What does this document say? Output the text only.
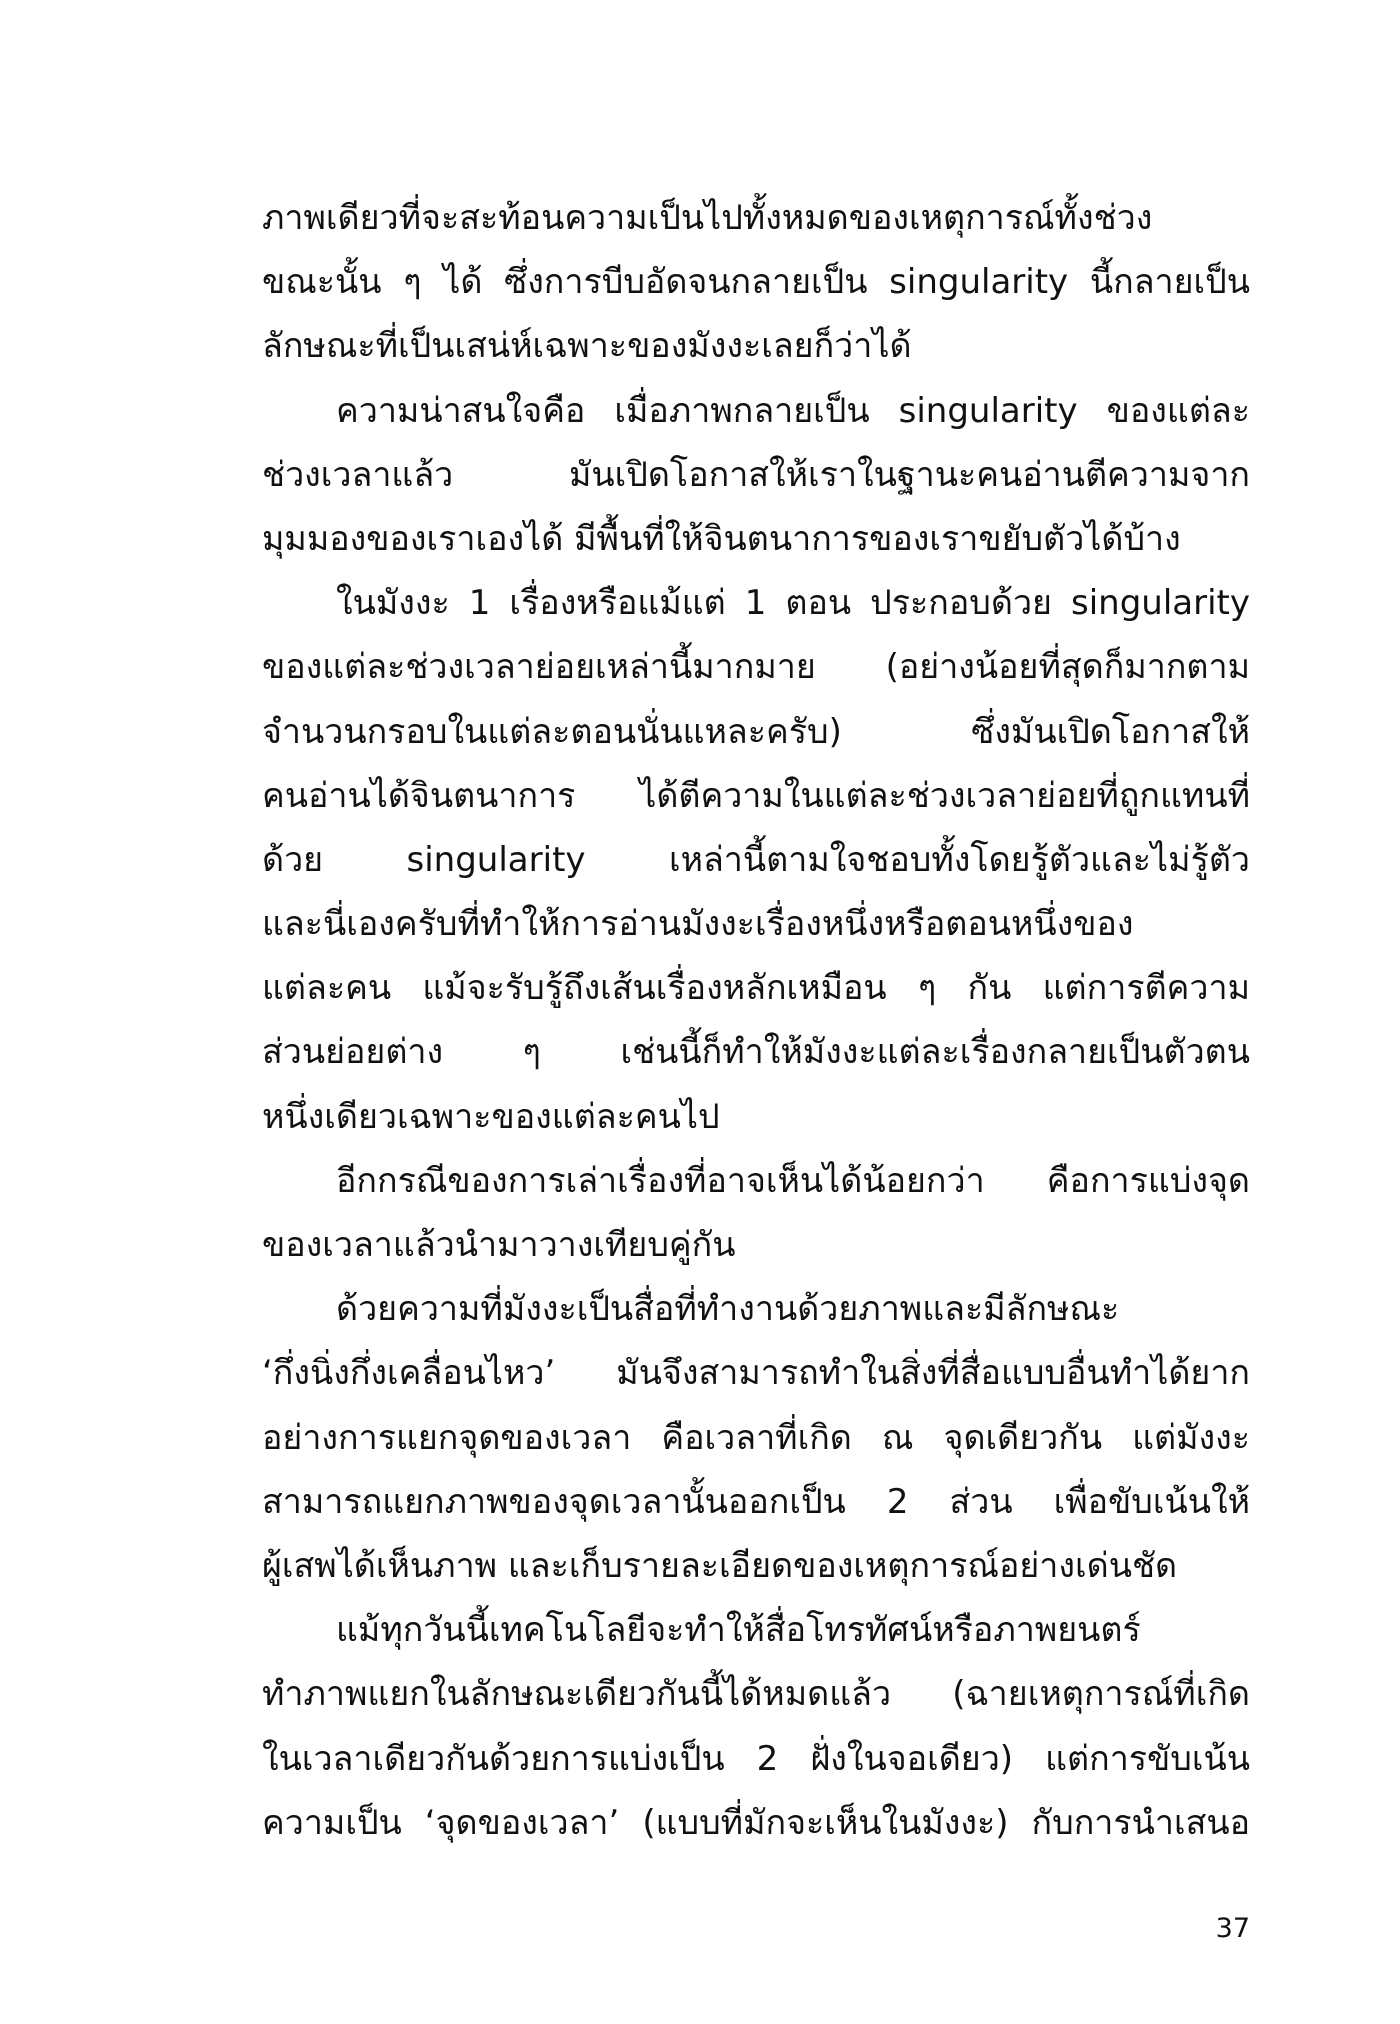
ภาพเดียวที่จะสะท้อนความเป็นไปทั้งหมดของเหตุการณ์ทั้งช่วง
ขณะนั้น ๆ ได้ ซึ่งการบีบอัดจนกลายเป็น singularity นี้กลายเป็น
ลักษณะที่เป็นเสน่ห์เฉพาะของมังงะเลยก็ว่าได้
ความน่าสนใจคือ เมื่อภาพกลายเป็น singularity ของแต่ละ
ช่วงเวลาแล้ว มันเปิดโอกาสให้เราในฐานะคนอ่านตีความจาก
มุมมองของเราเองได้ มีพื้นที่ให้จินตนาการของเราขยับตัวได้บ้าง
ในมังงะ 1 เรื่องหรือแม้แต่ 1 ตอน ประกอบด้วย singularity
ของแต่ละช่วงเวลาย่อยเหล่านี้มากมาย (อย่างน้อยที่สุดก็มากตาม
จำนวนกรอบในแต่ละตอนนั่นแหละครับ) ซึ่งมันเปิดโอกาสให้
คนอ่านได้จินตนาการ ได้ตีความในแต่ละช่วงเวลาย่อยที่ถูกแทนที่
ด้วย singularity เหล่านี้ตามใจชอบทั้งโดยรู้ตัวและไม่รู้ตัว
และนี่เองครับที่ทำให้การอ่านมังงะเรื่องหนึ่งหรือตอนหนึ่งของ
แต่ละคน แม้จะรับรู้ถึงเส้นเรื่องหลักเหมือน ๆ กัน แต่การตีความ
ส่วนย่อยต่าง ๆ เช่นนี้ก็ทำให้มังงะแต่ละเรื่องกลายเป็นตัวตน
หนึ่งเดียวเฉพาะของแต่ละคนไป
อีกกรณีของการเล่าเรื่องที่อาจเห็นได้น้อยกว่า คือการแบ่งจุด
ของเวลาแล้วนำมาวางเทียบคู่กัน
ด้วยความที่มังงะเป็นสื่อที่ทำงานด้วยภาพและมีลักษณะ
‘กึ่งนิ่งกึ่งเคลื่อนไหว’ มันจึงสามารถทำในสิ่งที่สื่อแบบอื่นทำได้ยาก
อย่างการแยกจุดของเวลา คือเวลาที่เกิด ณ จุดเดียวกัน แต่มังงะ
สามารถแยกภาพของจุดเวลานั้นออกเป็น 2 ส่วน เพื่อขับเน้นให้
ผู้เสพได้เห็นภาพ และเก็บรายละเอียดของเหตุการณ์อย่างเด่นชัด
แม้ทุกวันนี้เทคโนโลยีจะทำให้สื่อโทรทัศน์หรือภาพยนตร์
ทำภาพแยกในลักษณะเดียวกันนี้ได้หมดแล้ว (ฉายเหตุการณ์ที่เกิด
ในเวลาเดียวกันด้วยการแบ่งเป็น 2 ฝั่งในจอเดียว) แต่การขับเน้น
ความเป็น ‘จุดของเวลา’ (แบบที่มักจะเห็นในมังงะ) กับการนำเสนอ
37
